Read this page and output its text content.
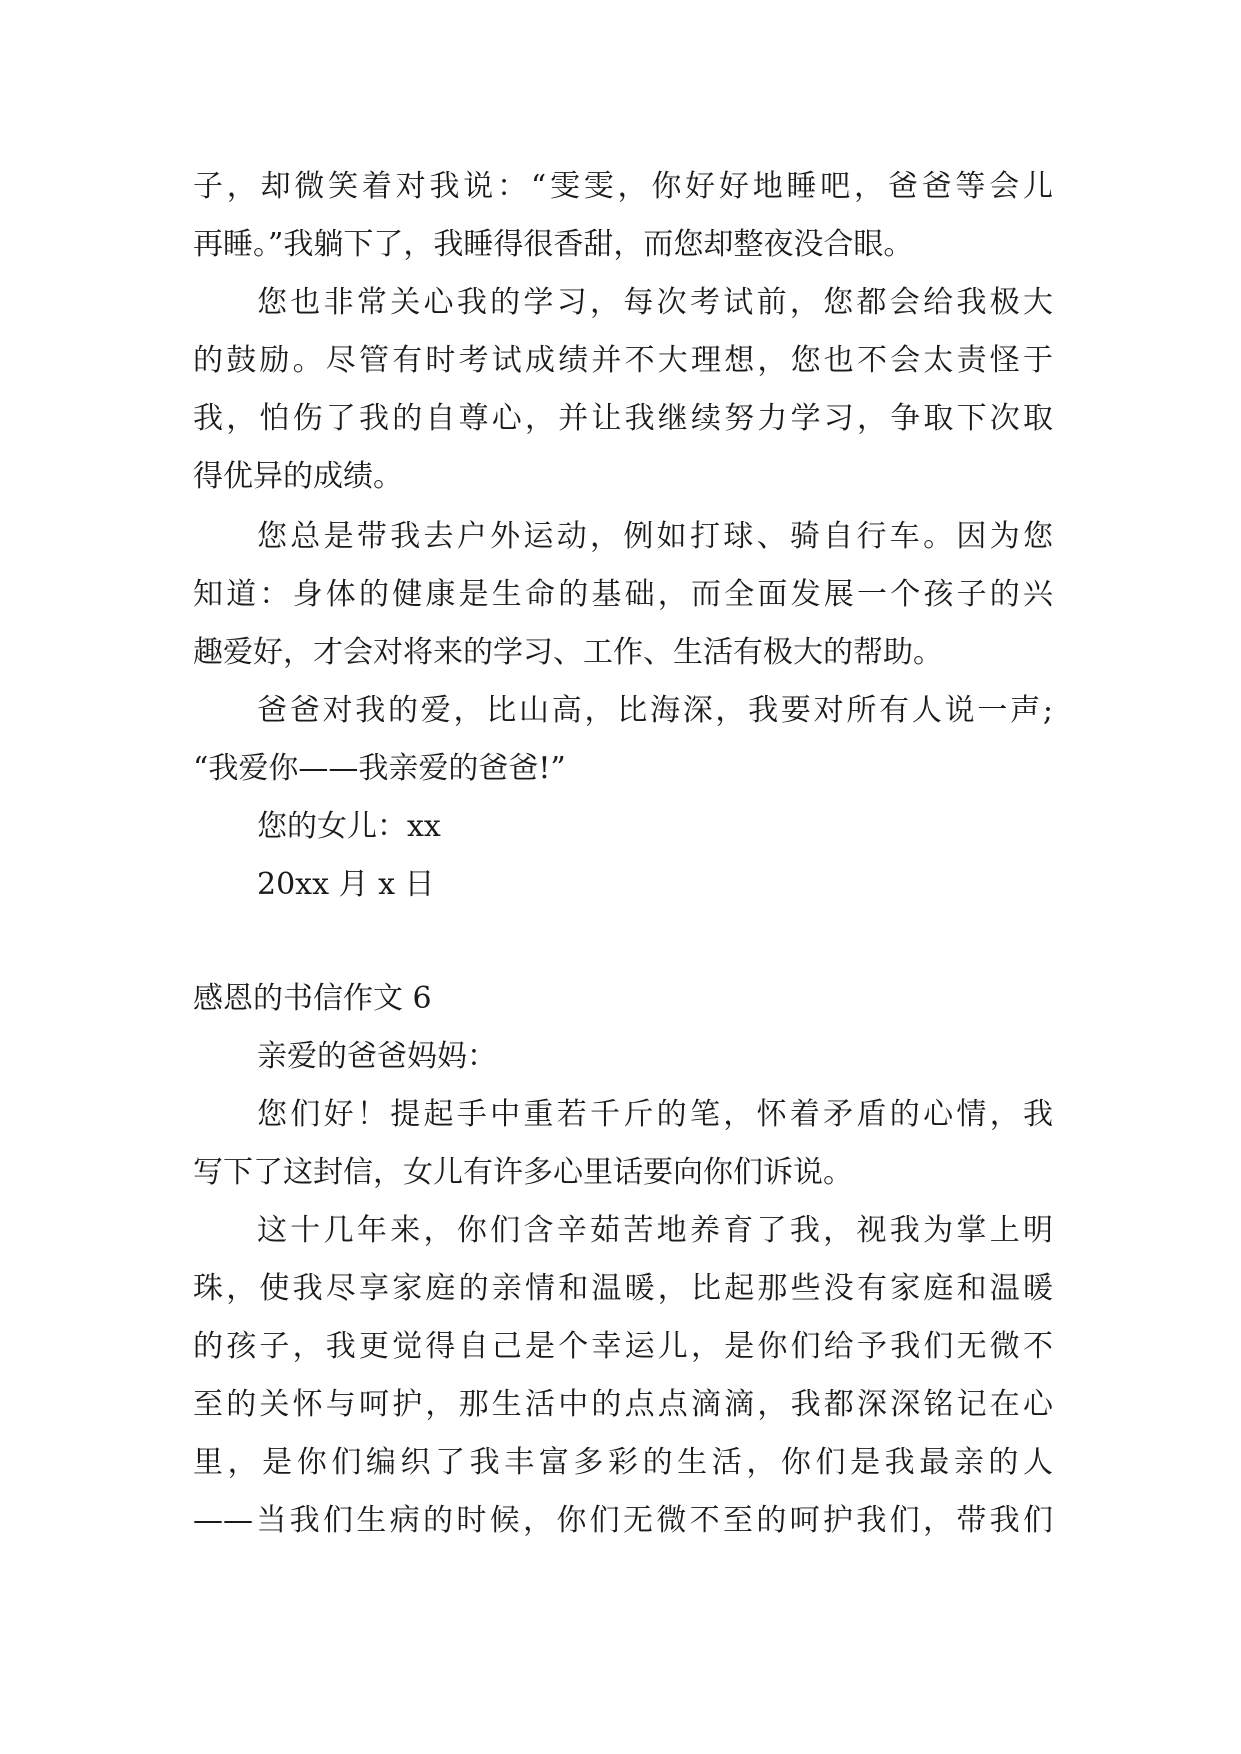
子，却微笑着对我说：“雯雯，你好好地睡吧，爸爸等会儿
再睡。”我躺下了，我睡得很香甜，而您却整夜没合眼。
您也非常关心我的学习，每次考试前，您都会给我极大
的鼓励。尽管有时考试成绩并不大理想，您也不会太责怪于
我，怕伤了我的自尊心，并让我继续努力学习，争取下次取
得优异的成绩。
您总是带我去户外运动，例如打球、骑自行车。因为您
知道：身体的健康是生命的基础，而全面发展一个孩子的兴
趣爱好，才会对将来的学习、工作、生活有极大的帮助。
爸爸对我的爱，比山高，比海深，我要对所有人说一声;
“我爱你——我亲爱的爸爸!”
您的女儿：xx
20xx 月 x 日
感恩的书信作文 6
亲爱的爸爸妈妈：
您们好！提起手中重若千斤的笔，怀着矛盾的心情，我
写下了这封信，女儿有许多心里话要向你们诉说。
这十几年来，你们含辛茹苦地养育了我，视我为掌上明
珠，使我尽享家庭的亲情和温暖，比起那些没有家庭和温暖
的孩子，我更觉得自己是个幸运儿，是你们给予我们无微不
至的关怀与呵护，那生活中的点点滴滴，我都深深铭记在心
里，是你们编织了我丰富多彩的生活，你们是我最亲的人
——当我们生病的时候，你们无微不至的呵护我们，带我们
